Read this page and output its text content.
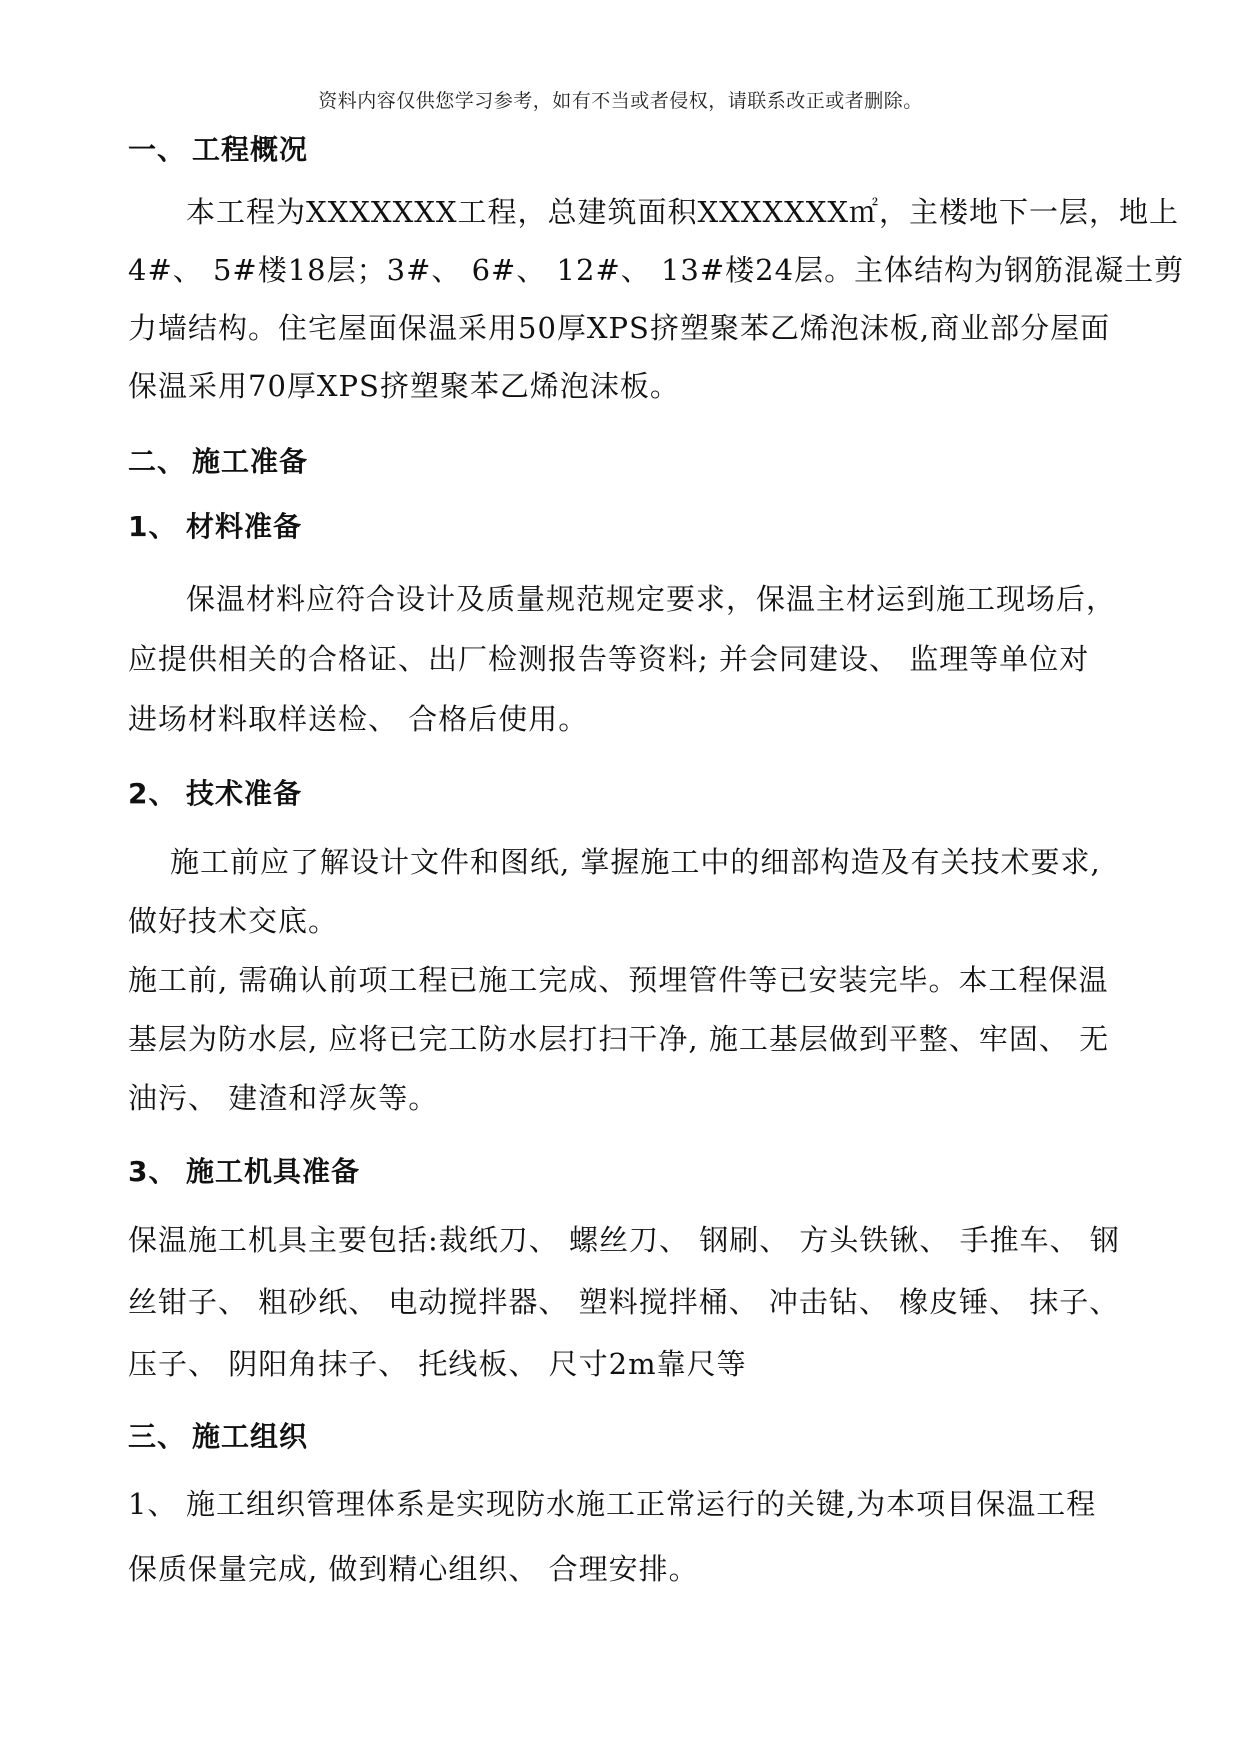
资料内容仅供您学习参考，如有不当或者侵权，请联系改正或者删除。
一、 工程概况
本工程为XXXXXXX工程，总建筑面积XXXXXXX㎡，主楼地下一层，地上
4#、 5#楼18层；3#、 6#、 12#、 13#楼24层。主体结构为钢筋混凝土剪
力墙结构。住宅屋面保温采用50厚XPS挤塑聚苯乙烯泡沫板,商业部分屋面
保温采用70厚XPS挤塑聚苯乙烯泡沫板。
二、 施工准备
1、 材料准备
保温材料应符合设计及质量规范规定要求，保温主材运到施工现场后，
应提供相关的合格证、出厂检测报告等资料; 并会同建设、 监理等单位对
进场材料取样送检、 合格后使用。
2、 技术准备
施工前应了解设计文件和图纸, 掌握施工中的细部构造及有关技术要求,
做好技术交底。
施工前, 需确认前项工程已施工完成、预埋管件等已安装完毕。本工程保温
基层为防水层, 应将已完工防水层打扫干净, 施工基层做到平整、牢固、 无
油污、 建渣和浮灰等。
3、 施工机具准备
保温施工机具主要包括:裁纸刀、 螺丝刀、 钢刷、 方头铁锹、 手推车、 钢
丝钳子、 粗砂纸、 电动搅拌器、 塑料搅拌桶、 冲击钻、 橡皮锤、 抹子、
压子、 阴阳角抹子、 托线板、 尺寸2m靠尺等
三、 施工组织
1、 施工组织管理体系是实现防水施工正常运行的关键,为本项目保温工程
保质保量完成, 做到精心组织、 合理安排。
